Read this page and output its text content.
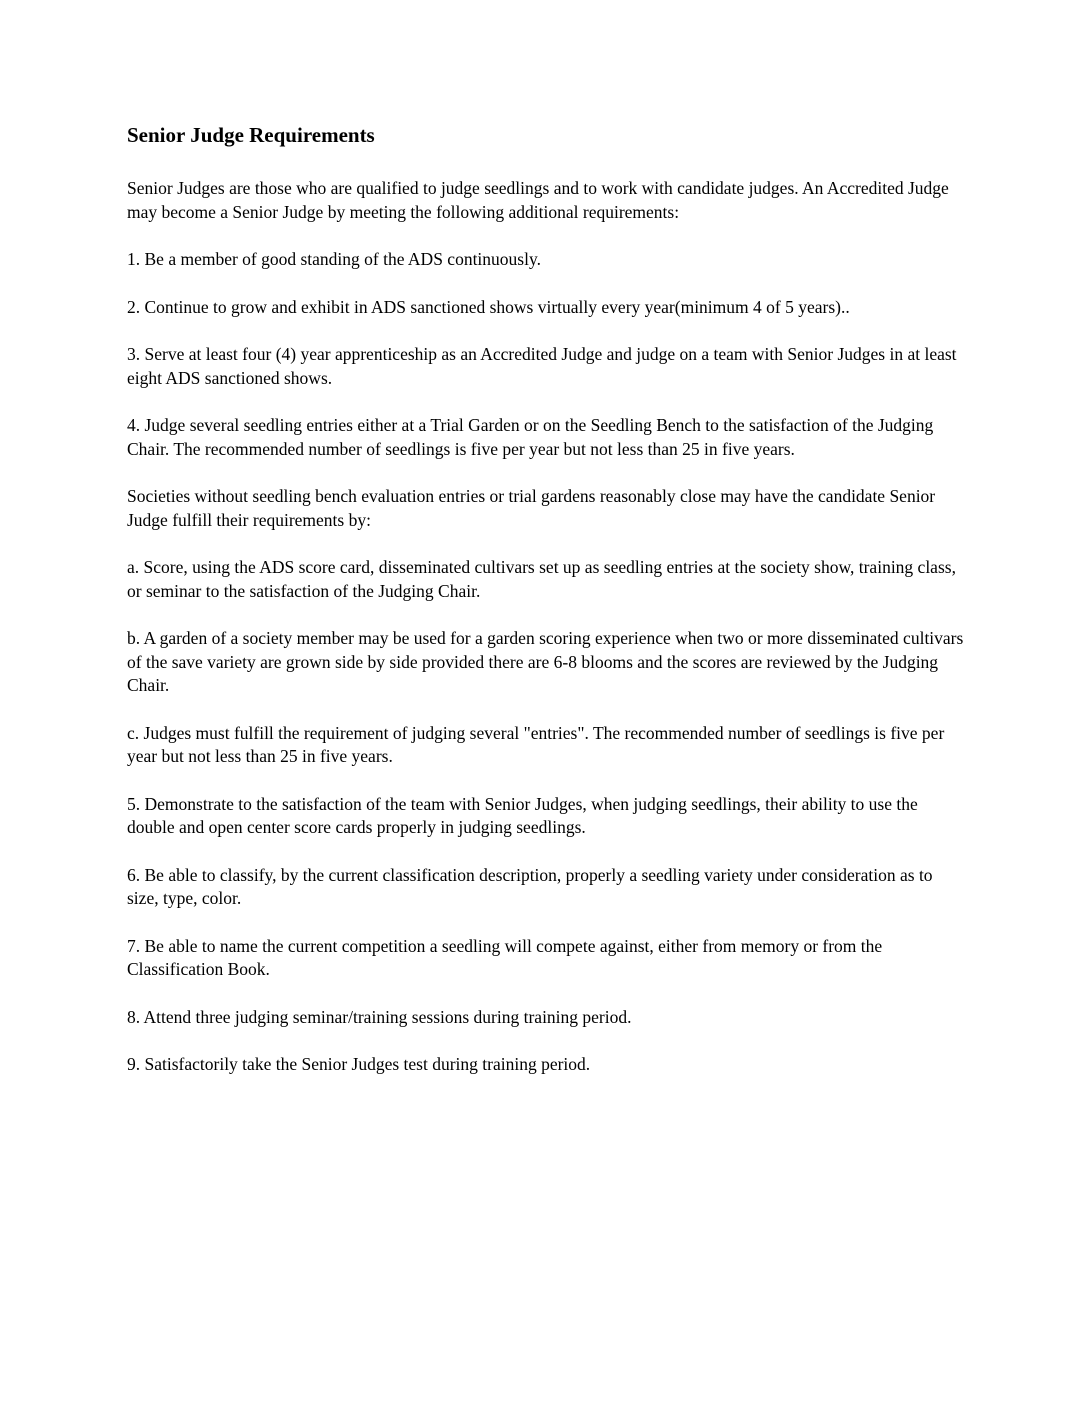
Senior Judge Requirements

Senior Judges are those who are qualified to judge seedlings and to work with candidate judges. An Accredited Judge may become a Senior Judge by meeting the following additional requirements:

1. Be a member of good standing of the ADS continuously.

2. Continue to grow and exhibit in ADS sanctioned shows virtually every year(minimum 4 of 5 years)..

3. Serve at least four (4) year apprenticeship as an Accredited Judge and judge on a team with Senior Judges in at least eight ADS sanctioned shows.

4. Judge several seedling entries either at a Trial Garden or on the Seedling Bench to the satisfaction of the Judging Chair. The recommended number of seedlings is five per year but not less than 25 in five years.

Societies without seedling bench evaluation entries or trial gardens reasonably close may have the candidate Senior Judge fulfill their requirements by:

a. Score, using the ADS score card, disseminated cultivars set up as seedling entries at the society show, training class, or seminar to the satisfaction of the Judging Chair.

b. A garden of a society member may be used for a garden scoring experience when two or more disseminated cultivars of the save variety are grown side by side provided there are 6-8 blooms and the scores are reviewed by the Judging Chair.

c. Judges must fulfill the requirement of judging several "entries". The recommended number of seedlings is five per year but not less than 25 in five years.

5. Demonstrate to the satisfaction of the team with Senior Judges, when judging seedlings, their ability to use the double and open center score cards properly in judging seedlings.

6. Be able to classify, by the current classification description, properly a seedling variety under consideration as to size, type, color.

7. Be able to name the current competition a seedling will compete against, either from memory or from the Classification Book.

8. Attend three judging seminar/training sessions during training period.

9. Satisfactorily take the Senior Judges test during training period.
